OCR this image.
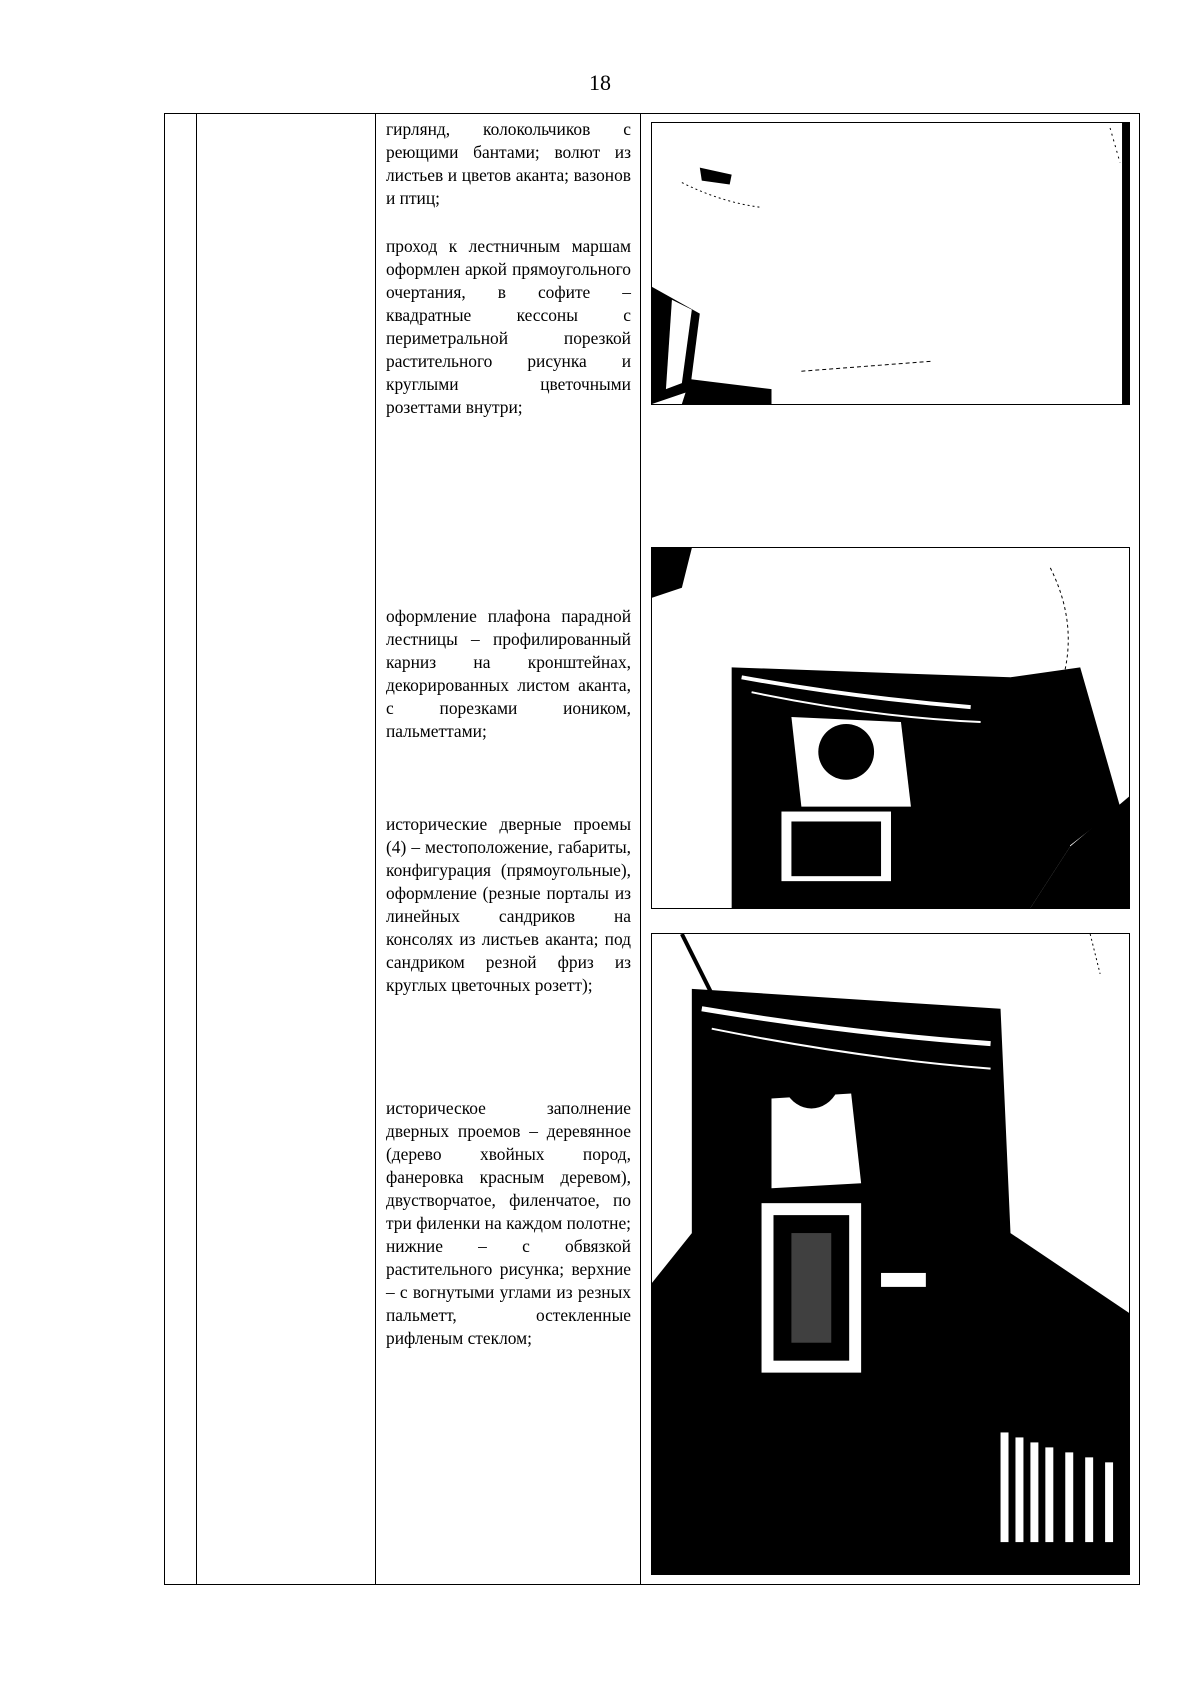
18

гирлянд, колокольчиков с реющими бантами; волют из листьев и цветов аканта; вазонов и птиц;

проход к лестничным маршам оформлен аркой прямоугольного очертания, в софите – квадратные кессоны с периметральной порезкой растительного рисунка и круглыми цветочными розеттами внутри;

оформление плафона парадной лестницы – профилированный карниз на кронштейнах, декорированных листом аканта, с порезками иоником, пальметтами;

исторические дверные проемы (4) – местоположение, габариты, конфигурация (прямоугольные), оформление (резные порталы из линейных сандриков на консолях из листьев аканта; под сандриком резной фриз из круглых цветочных розетт);

историческое заполнение дверных проемов – деревянное (дерево хвойных пород, фанеровка красным деревом), двустворчатое, филенчатое, по три филенки на каждом полотне; нижние – с обвязкой растительного рисунка; верхние – с вогнутыми углами из резных пальметт, остекленные рифленым стеклом;
